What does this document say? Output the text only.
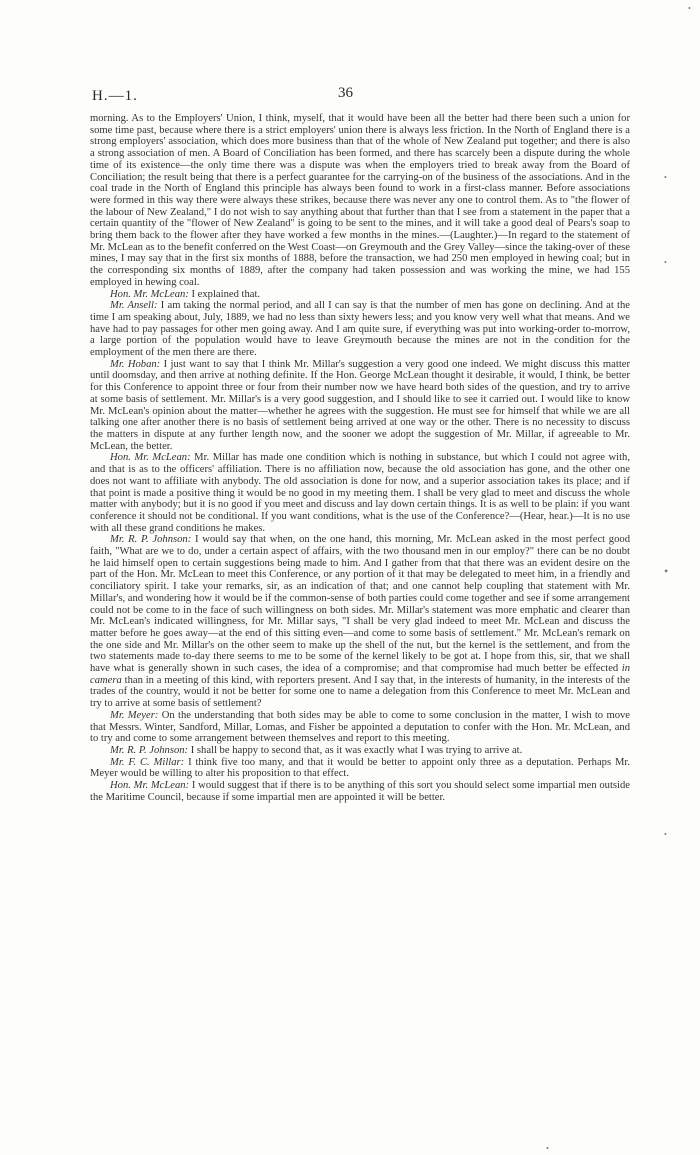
H.—1.	36

morning. As to the Employers' Union, I think, myself, that it would have been all the better had there been such a union for some time past, because where there is a strict employers' union there is always less friction. In the North of England there is a strong employers' association, which does more business than that of the whole of New Zealand put together; and there is also a strong association of men. A Board of Conciliation has been formed, and there has scarcely been a dispute during the whole time of its existence—the only time there was a dispute was when the employers tried to break away from the Board of Conciliation; the result being that there is a perfect guarantee for the carrying-on of the business of the associations. And in the coal trade in the North of England this principle has always been found to work in a first-class manner. Before associations were formed in this way there were always these strikes, because there was never any one to control them. As to "the flower of the labour of New Zealand," I do not wish to say anything about that further than that I see from a statement in the paper that a certain quantity of the "flower of New Zealand" is going to be sent to the mines, and it will take a good deal of Pears's soap to bring them back to the flower after they have worked a few months in the mines.—(Laughter.)—In regard to the statement of Mr. McLean as to the benefit conferred on the West Coast—on Greymouth and the Grey Valley—since the taking-over of these mines, I may say that in the first six months of 1888, before the transaction, we had 250 men employed in hewing coal; but in the corresponding six months of 1889, after the company had taken possession and was working the mine, we had 155 employed in hewing coal.

Hon. Mr. McLean: I explained that.

Mr. Ansell: I am taking the normal period, and all I can say is that the number of men has gone on declining. And at the time I am speaking about, July, 1889, we had no less than sixty hewers less; and you know very well what that means. And we have had to pay passages for other men going away. And I am quite sure, if everything was put into working-order to-morrow, a large portion of the population would have to leave Greymouth because the mines are not in the condition for the employment of the men there are there.

Mr. Hoban: I just want to say that I think Mr. Millar's suggestion a very good one indeed. We might discuss this matter until doomsday, and then arrive at nothing definite. If the Hon. George McLean thought it desirable, it would, I think, be better for this Conference to appoint three or four from their number now we have heard both sides of the question, and try to arrive at some basis of settlement. Mr. Millar's is a very good suggestion, and I should like to see it carried out. I would like to know Mr. McLean's opinion about the matter—whether he agrees with the suggestion. He must see for himself that while we are all talking one after another there is no basis of settlement being arrived at one way or the other. There is no necessity to discuss the matters in dispute at any further length now, and the sooner we adopt the suggestion of Mr. Millar, if agreeable to Mr. McLean, the better.

Hon. Mr. McLean: Mr. Millar has made one condition which is nothing in substance, but which I could not agree with, and that is as to the officers' affiliation. There is no affiliation now, because the old association has gone, and the other one does not want to affiliate with anybody. The old association is done for now, and a superior association takes its place; and if that point is made a positive thing it would be no good in my meeting them. I shall be very glad to meet and discuss the whole matter with anybody; but it is no good if you meet and discuss and lay down certain things. It is as well to be plain: if you want conference it should not be conditional. If you want conditions, what is the use of the Conference?—(Hear, hear.)—It is no use with all these grand conditions he makes.

Mr. R. P. Johnson: I would say that when, on the one hand, this morning, Mr. McLean asked in the most perfect good faith, "What are we to do, under a certain aspect of affairs, with the two thousand men in our employ?" there can be no doubt he laid himself open to certain suggestions being made to him. And I gather from that that there was an evident desire on the part of the Hon. Mr. McLean to meet this Conference, or any portion of it that may be delegated to meet him, in a friendly and conciliatory spirit. I take your remarks, sir, as an indication of that; and one cannot help coupling that statement with Mr. Millar's, and wondering how it would be if the common-sense of both parties could come together and see if some arrangement could not be come to in the face of such willingness on both sides. Mr. Millar's statement was more emphatic and clearer than Mr. McLean's indicated willingness, for Mr. Millar says, "I shall be very glad indeed to meet Mr. McLean and discuss the matter before he goes away—at the end of this sitting even—and come to some basis of settlement." Mr. McLean's remark on the one side and Mr. Millar's on the other seem to make up the shell of the nut, but the kernel is the settlement, and from the two statements made to-day there seems to me to be some of the kernel likely to be got at. I hope from this, sir, that we shall have what is generally shown in such cases, the idea of a compromise; and that compromise had much better be effected in camera than in a meeting of this kind, with reporters present. And I say that, in the interests of humanity, in the interests of the trades of the country, would it not be better for some one to name a delegation from this Conference to meet Mr. McLean and try to arrive at some basis of settlement?

Mr. Meyer: On the understanding that both sides may be able to come to some conclusion in the matter, I wish to move that Messrs. Winter, Sandford, Millar, Lomas, and Fisher be appointed a deputation to confer with the Hon. Mr. McLean, and to try and come to some arrangement between themselves and report to this meeting.

Mr. R. P. Johnson: I shall be happy to second that, as it was exactly what I was trying to arrive at.

Mr. F. C. Millar: I think five too many, and that it would be better to appoint only three as a deputation. Perhaps Mr. Meyer would be willing to alter his proposition to that effect.

Hon. Mr. McLean: I would suggest that if there is to be anything of this sort you should select some impartial men outside the Maritime Council, because if some impartial men are appointed it will be better.

•
•
•
•
•
•
